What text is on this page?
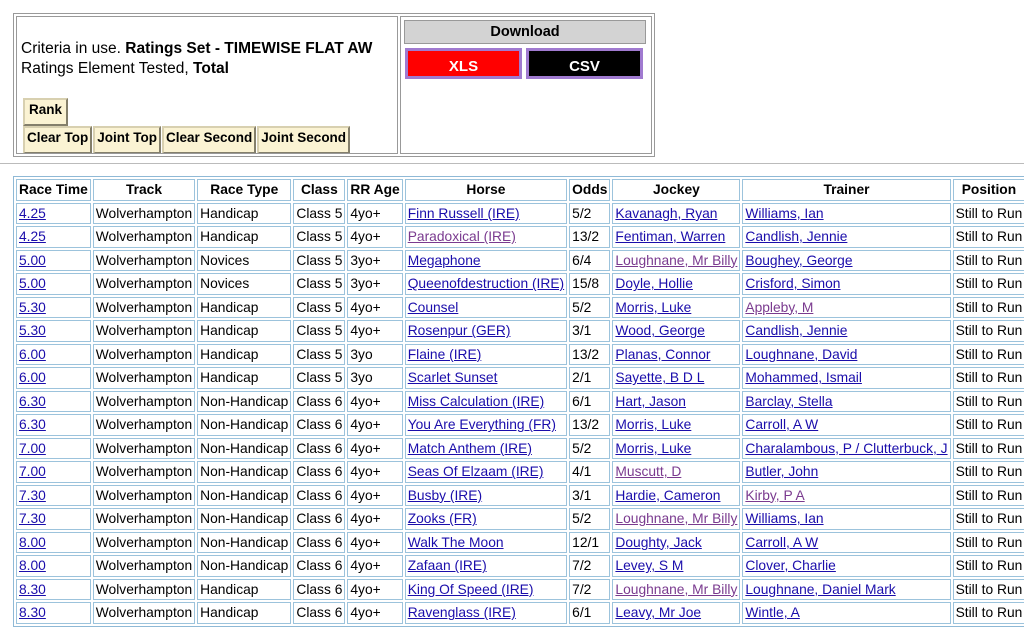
Criteria in use. Ratings Set - TIMEWISE FLAT AW
Ratings Element Tested, Total
Rank
Clear Top Joint Top Clear Second Joint Second
Download
XLS	CSV
Race Time	Track	Race Type	Class	RR Age	Horse	Odds	Jockey	Trainer	Position
4.25	Wolverhampton	Handicap	Class 5	4yo+	Finn Russell (IRE)	5/2	Kavanagh, Ryan	Williams, Ian	Still to Run
4.25	Wolverhampton	Handicap	Class 5	4yo+	Paradoxical (IRE)	13/2	Fentiman, Warren	Candlish, Jennie	Still to Run
5.00	Wolverhampton	Novices	Class 5	3yo+	Megaphone	6/4	Loughnane, Mr Billy	Boughey, George	Still to Run
5.00	Wolverhampton	Novices	Class 5	3yo+	Queenofdestruction (IRE)	15/8	Doyle, Hollie	Crisford, Simon	Still to Run
5.30	Wolverhampton	Handicap	Class 5	4yo+	Counsel	5/2	Morris, Luke	Appleby, M	Still to Run
5.30	Wolverhampton	Handicap	Class 5	4yo+	Rosenpur (GER)	3/1	Wood, George	Candlish, Jennie	Still to Run
6.00	Wolverhampton	Handicap	Class 5	3yo	Flaine (IRE)	13/2	Planas, Connor	Loughnane, David	Still to Run
6.00	Wolverhampton	Handicap	Class 5	3yo	Scarlet Sunset	2/1	Sayette, B D L	Mohammed, Ismail	Still to Run
6.30	Wolverhampton	Non-Handicap	Class 6	4yo+	Miss Calculation (IRE)	6/1	Hart, Jason	Barclay, Stella	Still to Run
6.30	Wolverhampton	Non-Handicap	Class 6	4yo+	You Are Everything (FR)	13/2	Morris, Luke	Carroll, A W	Still to Run
7.00	Wolverhampton	Non-Handicap	Class 6	4yo+	Match Anthem (IRE)	5/2	Morris, Luke	Charalambous, P / Clutterbuck, J	Still to Run
7.00	Wolverhampton	Non-Handicap	Class 6	4yo+	Seas Of Elzaam (IRE)	4/1	Muscutt, D	Butler, John	Still to Run
7.30	Wolverhampton	Non-Handicap	Class 6	4yo+	Busby (IRE)	3/1	Hardie, Cameron	Kirby, P A	Still to Run
7.30	Wolverhampton	Non-Handicap	Class 6	4yo+	Zooks (FR)	5/2	Loughnane, Mr Billy	Williams, Ian	Still to Run
8.00	Wolverhampton	Non-Handicap	Class 6	4yo+	Walk The Moon	12/1	Doughty, Jack	Carroll, A W	Still to Run
8.00	Wolverhampton	Non-Handicap	Class 6	4yo+	Zafaan (IRE)	7/2	Levey, S M	Clover, Charlie	Still to Run
8.30	Wolverhampton	Handicap	Class 6	4yo+	King Of Speed (IRE)	7/2	Loughnane, Mr Billy	Loughnane, Daniel Mark	Still to Run
8.30	Wolverhampton	Handicap	Class 6	4yo+	Ravenglass (IRE)	6/1	Leavy, Mr Joe	Wintle, A	Still to Run
